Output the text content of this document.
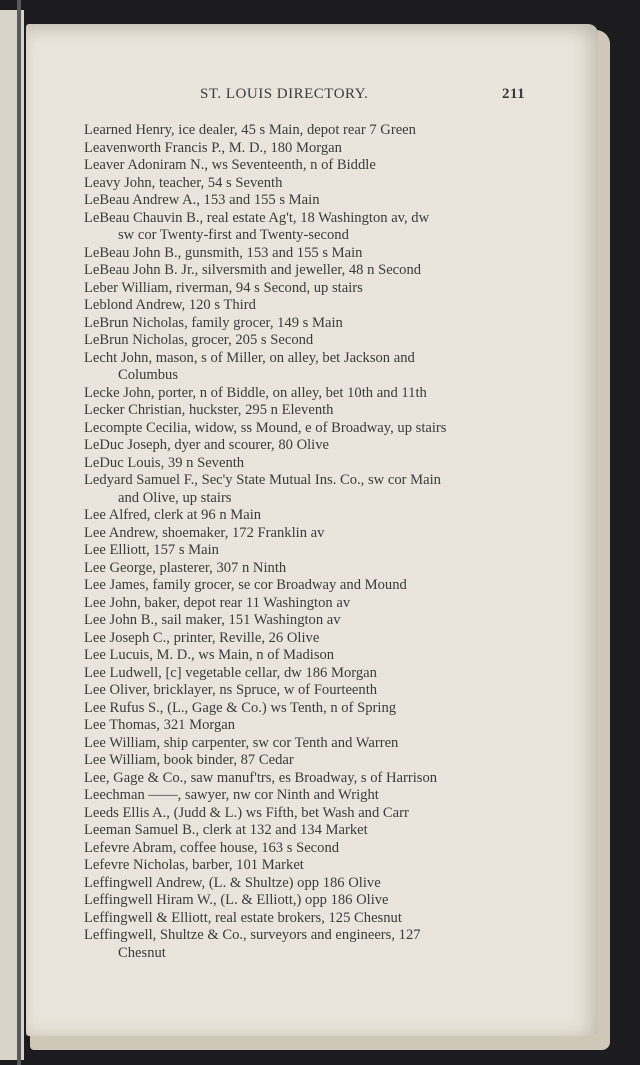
ST. LOUIS DIRECTORY.	211
Learned Henry, ice dealer, 45 s Main, depot rear 7 Green
Leavenworth Francis P., M. D., 180 Morgan
Leaver Adoniram N., ws Seventeenth, n of Biddle
Leavy John, teacher, 54 s Seventh
LeBeau Andrew A., 153 and 155 s Main
LeBeau Chauvin B., real estate Ag't, 18 Washington av, dw
sw cor Twenty-first and Twenty-second
LeBeau John B., gunsmith, 153 and 155 s Main
LeBeau John B. Jr., silversmith and jeweller, 48 n Second
Leber William, riverman, 94 s Second, up stairs
Leblond Andrew, 120 s Third
LeBrun Nicholas, family grocer, 149 s Main
LeBrun Nicholas, grocer, 205 s Second
Lecht John, mason, s of Miller, on alley, bet Jackson and
Columbus
Lecke John, porter, n of Biddle, on alley, bet 10th and 11th
Lecker Christian, huckster, 295 n Eleventh
Lecompte Cecilia, widow, ss Mound, e of Broadway, up stairs
LeDuc Joseph, dyer and scourer, 80 Olive
LeDuc Louis, 39 n Seventh
Ledyard Samuel F., Sec'y State Mutual Ins. Co., sw cor Main
and Olive, up stairs
Lee Alfred, clerk at 96 n Main
Lee Andrew, shoemaker, 172 Franklin av
Lee Elliott, 157 s Main
Lee George, plasterer, 307 n Ninth
Lee James, family grocer, se cor Broadway and Mound
Lee John, baker, depot rear 11 Washington av
Lee John B., sail maker, 151 Washington av
Lee Joseph C., printer, Reville, 26 Olive
Lee Lucuis, M. D., ws Main, n of Madison
Lee Ludwell, [c] vegetable cellar, dw 186 Morgan
Lee Oliver, bricklayer, ns Spruce, w of Fourteenth
Lee Rufus S., (L., Gage & Co.) ws Tenth, n of Spring
Lee Thomas, 321 Morgan
Lee William, ship carpenter, sw cor Tenth and Warren
Lee William, book binder, 87 Cedar
Lee, Gage & Co., saw manuf'trs, es Broadway, s of Harrison
Leechman ——, sawyer, nw cor Ninth and Wright
Leeds Ellis A., (Judd & L.) ws Fifth, bet Wash and Carr
Leeman Samuel B., clerk at 132 and 134 Market
Lefevre Abram, coffee house, 163 s Second
Lefevre Nicholas, barber, 101 Market
Leffingwell Andrew, (L. & Shultze) opp 186 Olive
Leffingwell Hiram W., (L. & Elliott,) opp 186 Olive
Leffingwell & Elliott, real estate brokers, 125 Chesnut
Leffingwell, Shultze & Co., surveyors and engineers, 127
Chesnut
